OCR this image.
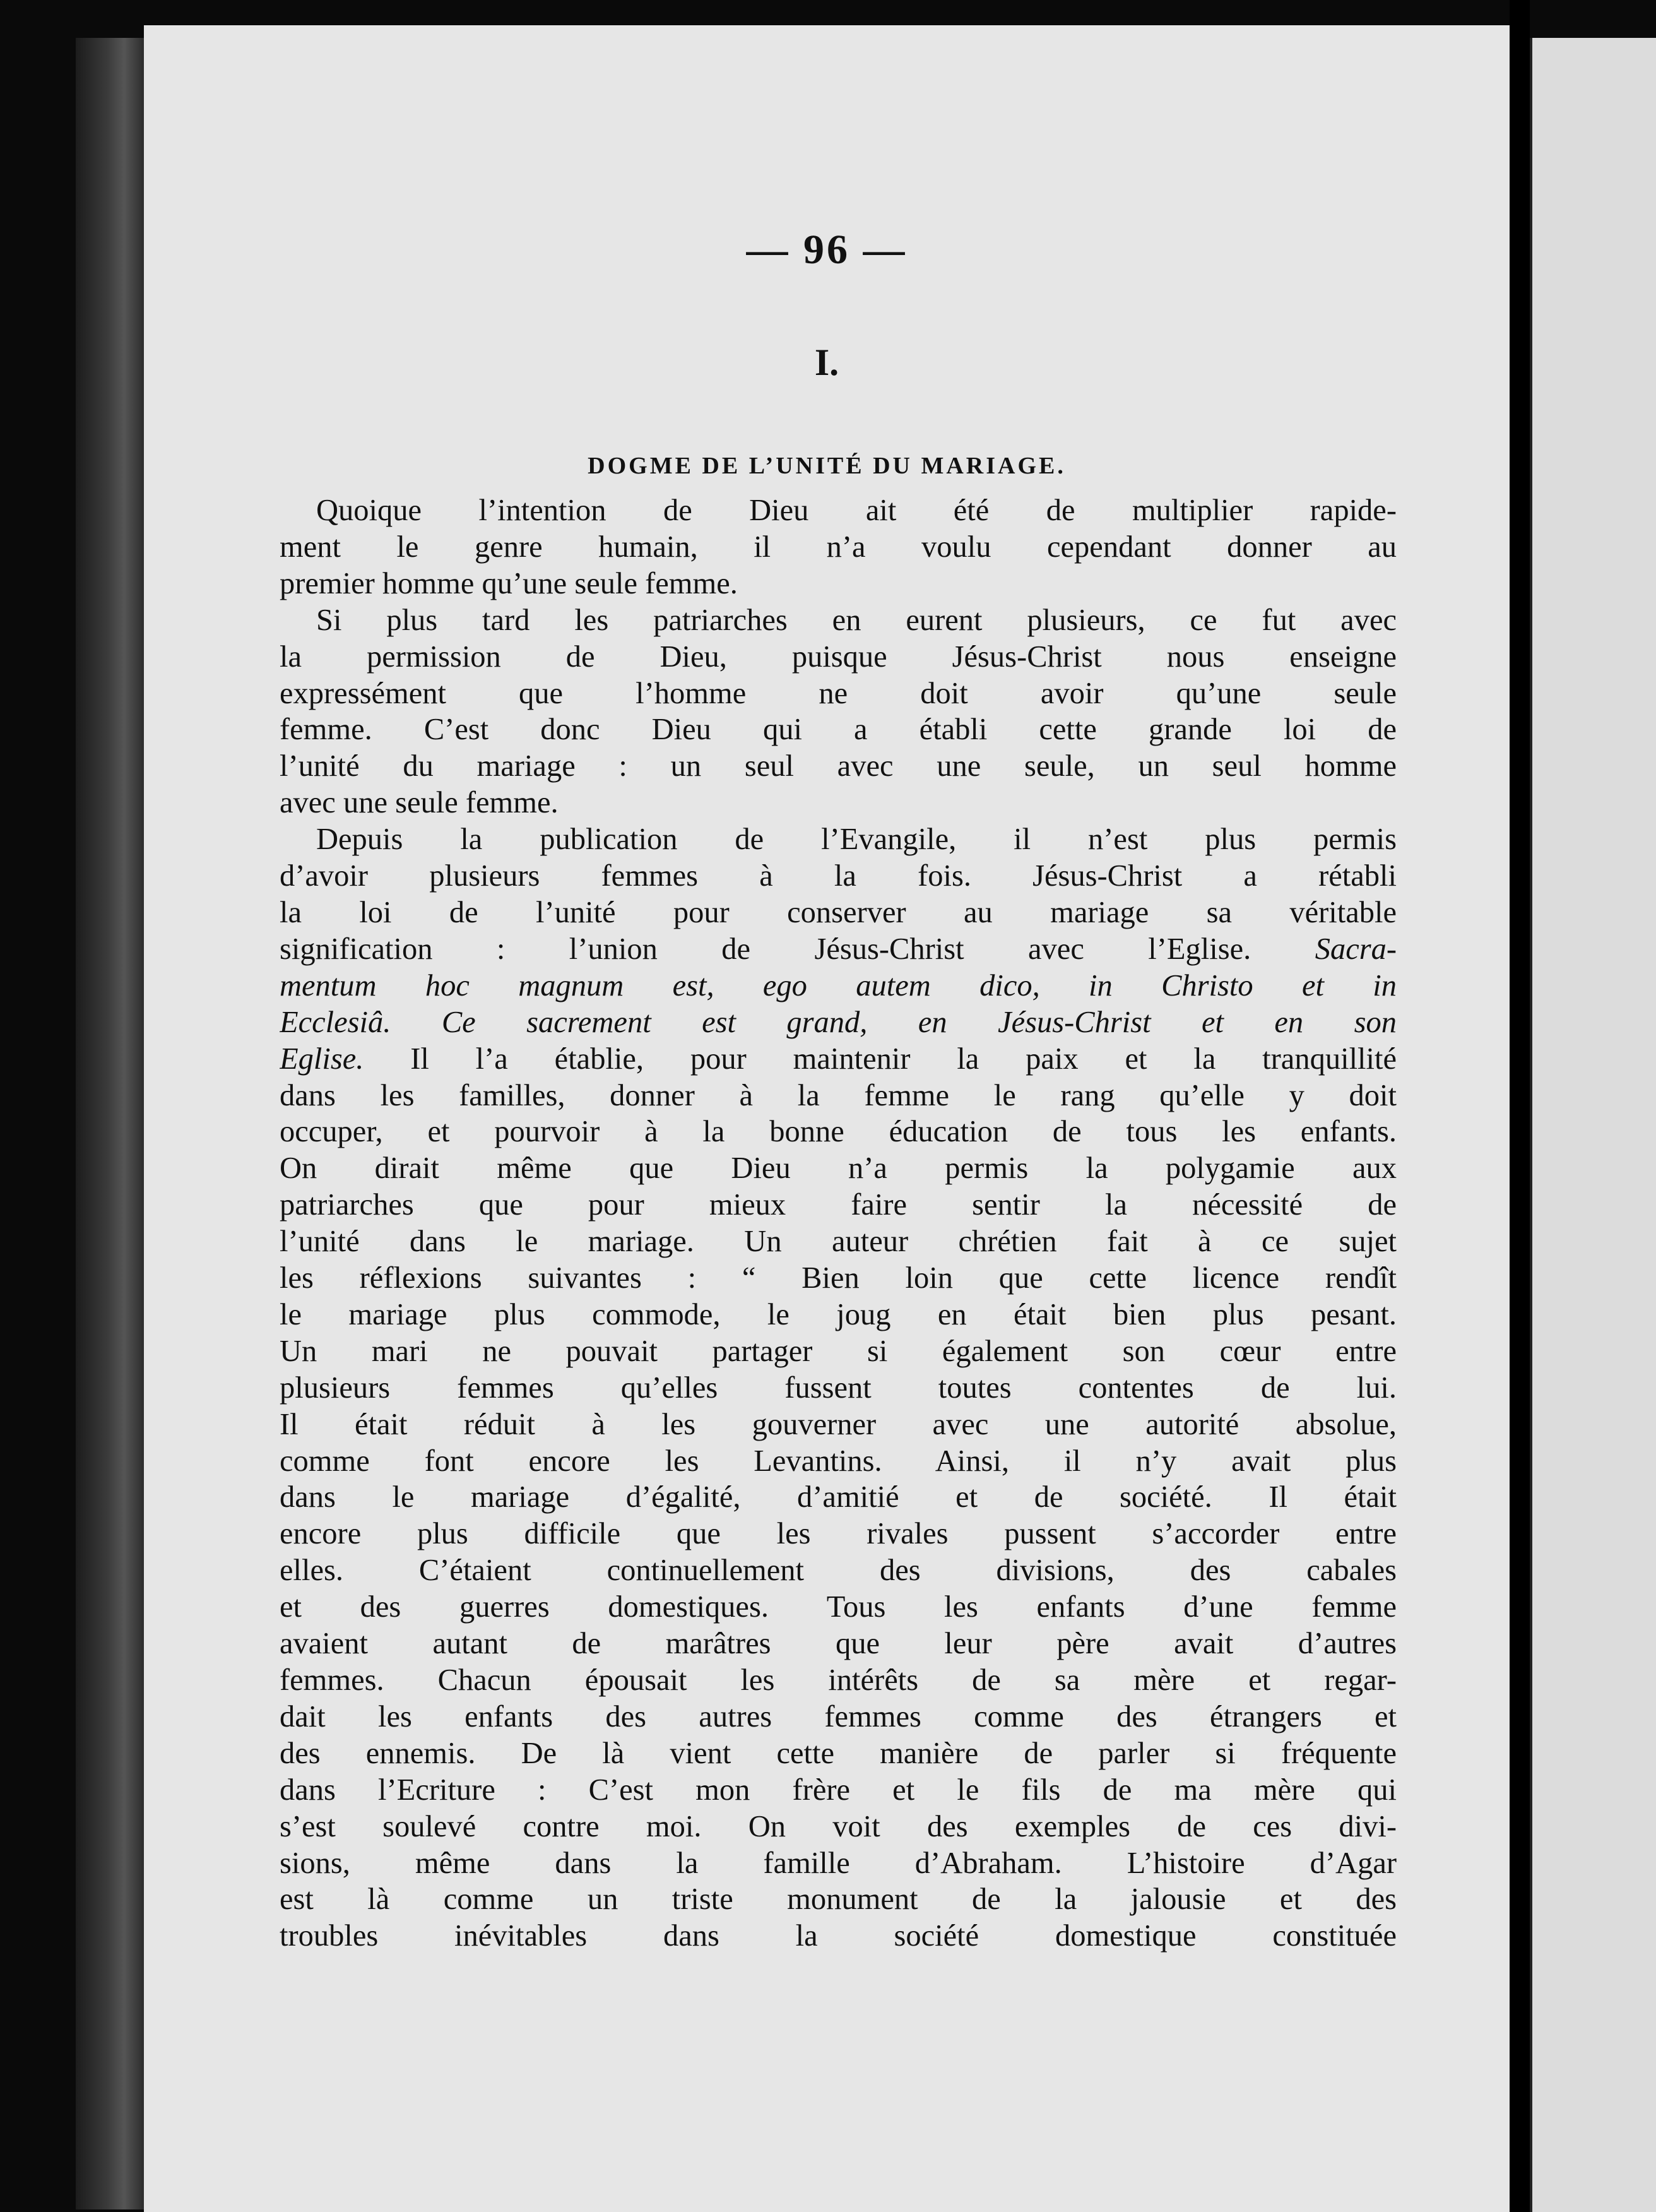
— 96 —
I.
DOGME DE L’UNITÉ DU MARIAGE.
Quoique l’intention de Dieu ait été de multiplier rapide-
ment le genre humain, il n’a voulu cependant donner au
premier homme qu’une seule femme.
Si plus tard les patriarches en eurent plusieurs, ce fut avec
la permission de Dieu, puisque Jésus-Christ nous enseigne
expressément que l’homme ne doit avoir qu’une seule
femme. C’est donc Dieu qui a établi cette grande loi de
l’unité du mariage : un seul avec une seule, un seul homme
avec une seule femme.
Depuis la publication de l’Evangile, il n’est plus permis
d’avoir plusieurs femmes à la fois. Jésus-Christ a rétabli
la loi de l’unité pour conserver au mariage sa véritable
signification : l’union de Jésus-Christ avec l’Eglise. Sacra-
mentum hoc magnum est, ego autem dico, in Christo et in
Ecclesiâ. Ce sacrement est grand, en Jésus-Christ et en son
Eglise. Il l’a établie, pour maintenir la paix et la tranquillité
dans les familles, donner à la femme le rang qu’elle y doit
occuper, et pourvoir à la bonne éducation de tous les enfants.
On dirait même que Dieu n’a permis la polygamie aux
patriarches que pour mieux faire sentir la nécessité de
l’unité dans le mariage. Un auteur chrétien fait à ce sujet
les réflexions suivantes : “ Bien loin que cette licence rendît
le mariage plus commode, le joug en était bien plus pesant.
Un mari ne pouvait partager si également son cœur entre
plusieurs femmes qu’elles fussent toutes contentes de lui.
Il était réduit à les gouverner avec une autorité absolue,
comme font encore les Levantins. Ainsi, il n’y avait plus
dans le mariage d’égalité, d’amitié et de société. Il était
encore plus difficile que les rivales pussent s’accorder entre
elles. C’étaient continuellement des divisions, des cabales
et des guerres domestiques. Tous les enfants d’une femme
avaient autant de marâtres que leur père avait d’autres
femmes. Chacun épousait les intérêts de sa mère et regar-
dait les enfants des autres femmes comme des étrangers et
des ennemis. De là vient cette manière de parler si fréquente
dans l’Ecriture : C’est mon frère et le fils de ma mère qui
s’est soulevé contre moi. On voit des exemples de ces divi-
sions, même dans la famille d’Abraham. L’histoire d’Agar
est là comme un triste monument de la jalousie et des
troubles inévitables dans la société domestique constituée
